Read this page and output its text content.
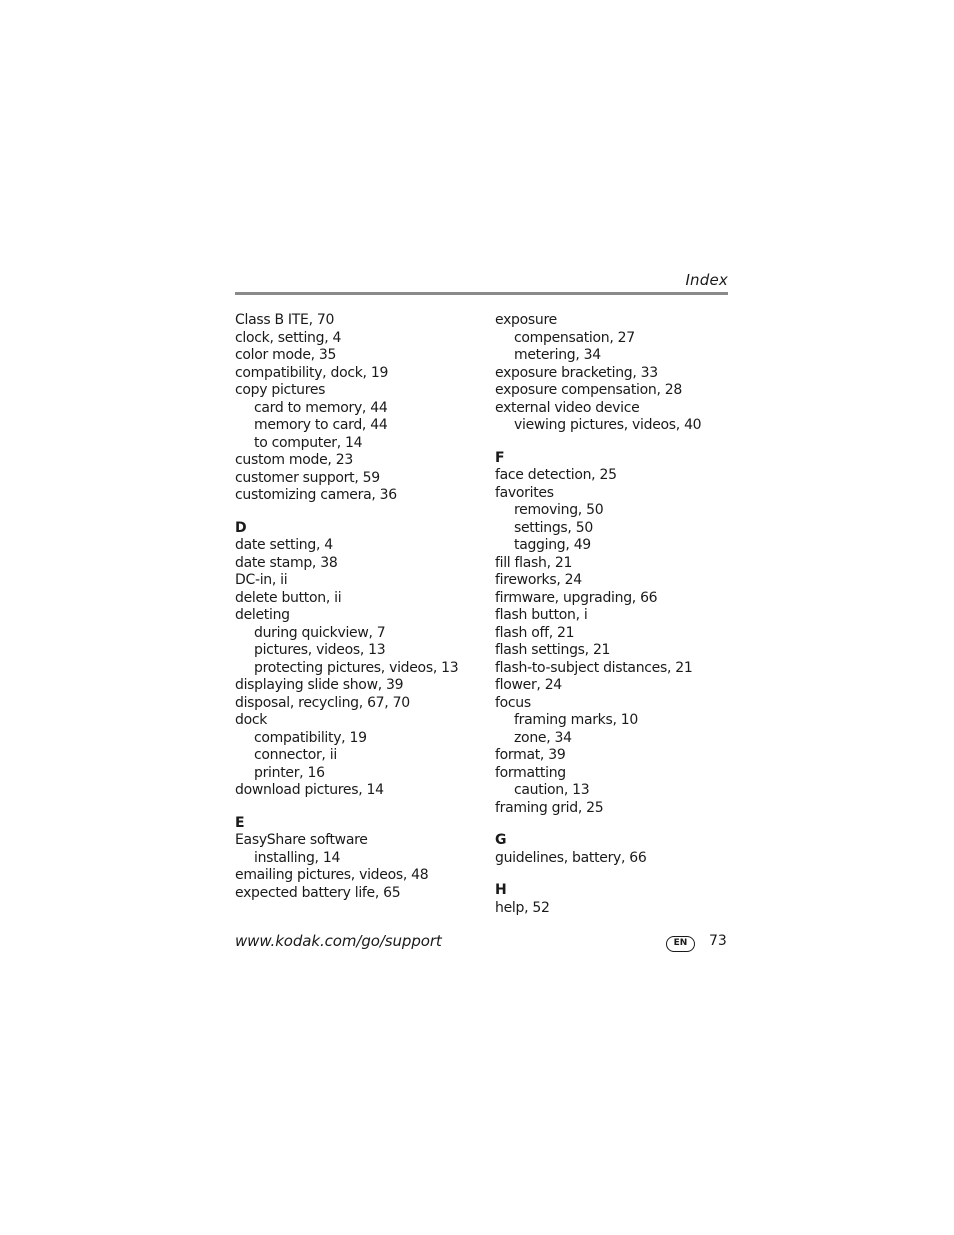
Index
Class B ITE, 70
clock, setting, 4
color mode, 35
compatibility, dock, 19
copy pictures
card to memory, 44
memory to card, 44
to computer, 14
custom mode, 23
customer support, 59
customizing camera, 36
D
date setting, 4
date stamp, 38
DC-in, ii
delete button, ii
deleting
during quickview, 7
pictures, videos, 13
protecting pictures, videos, 13
displaying slide show, 39
disposal, recycling, 67, 70
dock
compatibility, 19
connector, ii
printer, 16
download pictures, 14
E
EasyShare software
installing, 14
emailing pictures, videos, 48
expected battery life, 65
exposure
compensation, 27
metering, 34
exposure bracketing, 33
exposure compensation, 28
external video device
viewing pictures, videos, 40
F
face detection, 25
favorites
removing, 50
settings, 50
tagging, 49
fill flash, 21
fireworks, 24
firmware, upgrading, 66
flash button, i
flash off, 21
flash settings, 21
flash-to-subject distances, 21
flower, 24
focus
framing marks, 10
zone, 34
format, 39
formatting
caution, 13
framing grid, 25
G
guidelines, battery, 66
H
help, 52
www.kodak.com/go/support	EN	73
